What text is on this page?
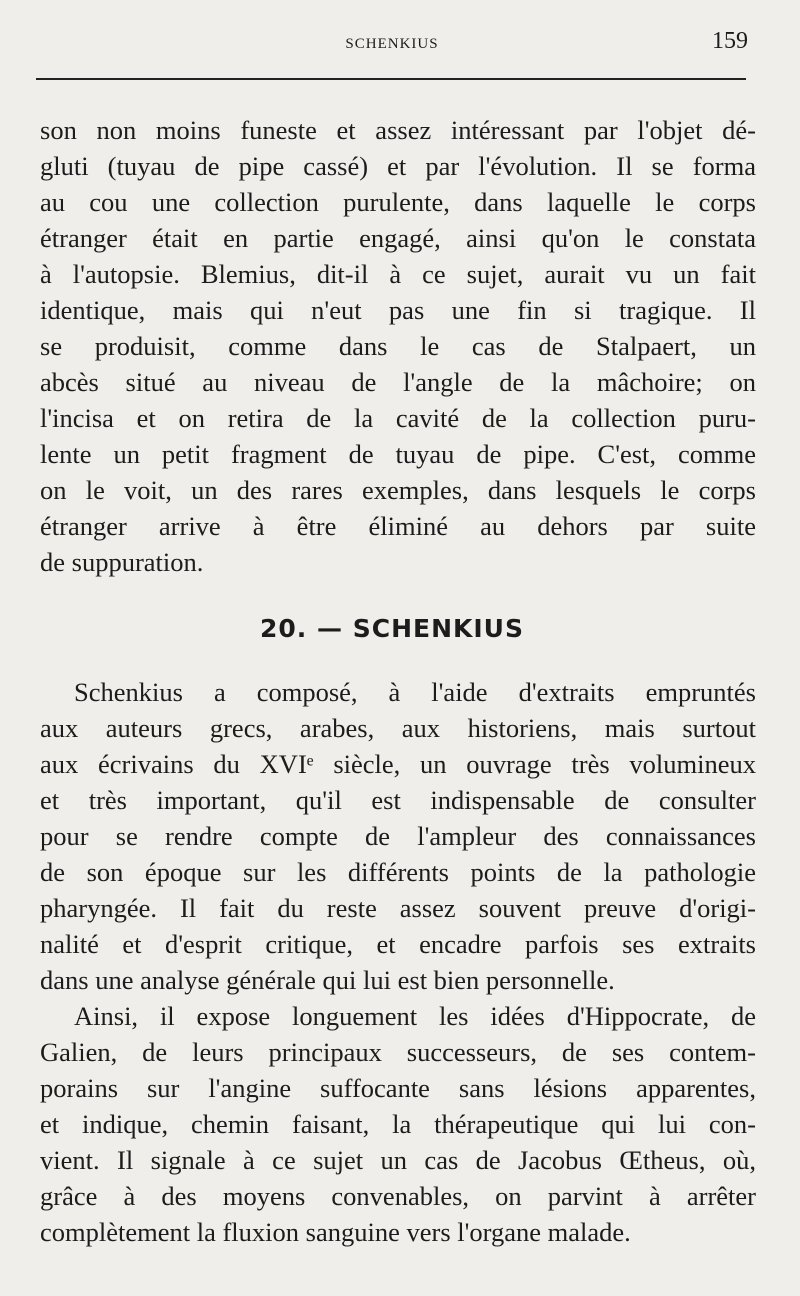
SCHENKIUS	159
son non moins funeste et assez intéressant par l'objet dé-
gluti (tuyau de pipe cassé) et par l'évolution. Il se forma
au cou une collection purulente, dans laquelle le corps
étranger était en partie engagé, ainsi qu'on le constata
à l'autopsie. Blemius, dit-il à ce sujet, aurait vu un fait
identique, mais qui n'eut pas une fin si tragique. Il
se produisit, comme dans le cas de Stalpaert, un
abcès situé au niveau de l'angle de la mâchoire; on
l'incisa et on retira de la cavité de la collection puru-
lente un petit fragment de tuyau de pipe. C'est, comme
on le voit, un des rares exemples, dans lesquels le corps
étranger arrive à être éliminé au dehors par suite
de suppuration.
20. — SCHENKIUS
Schenkius a composé, à l'aide d'extraits empruntés
aux auteurs grecs, arabes, aux historiens, mais surtout
aux écrivains du XVIᵉ siècle, un ouvrage très volumineux
et très important, qu'il est indispensable de consulter
pour se rendre compte de l'ampleur des connaissances
de son époque sur les différents points de la pathologie
pharyngée. Il fait du reste assez souvent preuve d'origi-
nalité et d'esprit critique, et encadre parfois ses extraits
dans une analyse générale qui lui est bien personnelle.
Ainsi, il expose longuement les idées d'Hippocrate, de
Galien, de leurs principaux successeurs, de ses contem-
porains sur l'angine suffocante sans lésions apparentes,
et indique, chemin faisant, la thérapeutique qui lui con-
vient. Il signale à ce sujet un cas de Jacobus Œtheus, où,
grâce à des moyens convenables, on parvint à arrêter
complètement la fluxion sanguine vers l'organe malade.
